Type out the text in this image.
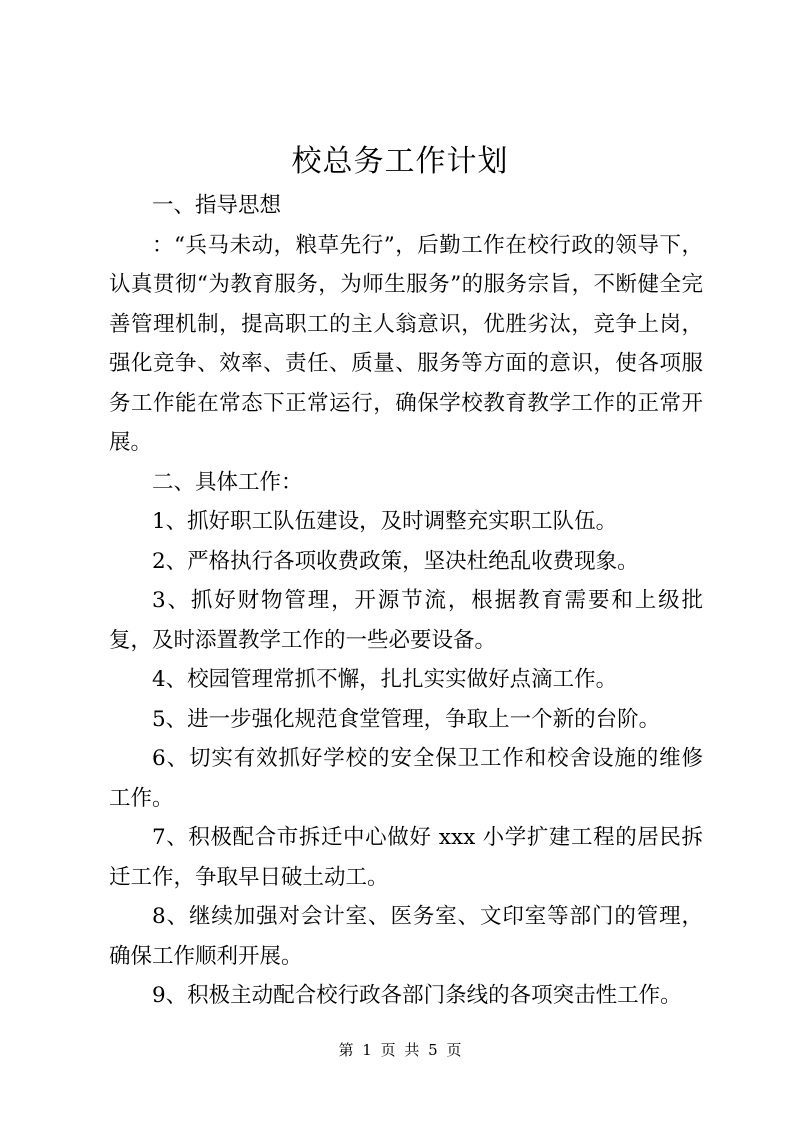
校总务工作计划

一、指导思想

：“兵马未动，粮草先行”，后勤工作在校行政的领导下，认真贯彻“为教育服务，为师生服务”的服务宗旨，不断健全完善管理机制，提高职工的主人翁意识，优胜劣汰，竞争上岗，强化竞争、效率、责任、质量、服务等方面的意识，使各项服务工作能在常态下正常运行，确保学校教育教学工作的正常开展。

二、具体工作：

1、抓好职工队伍建设，及时调整充实职工队伍。

2、严格执行各项收费政策，坚决杜绝乱收费现象。

3、抓好财物管理，开源节流，根据教育需要和上级批复，及时添置教学工作的一些必要设备。

4、校园管理常抓不懈，扎扎实实做好点滴工作。

5、进一步强化规范食堂管理，争取上一个新的台阶。

6、切实有效抓好学校的安全保卫工作和校舍设施的维修工作。

7、积极配合市拆迁中心做好 xxx 小学扩建工程的居民拆迁工作，争取早日破土动工。

8、继续加强对会计室、医务室、文印室等部门的管理，确保工作顺利开展。

9、积极主动配合校行政各部门条线的各项突击性工作。

第 1 页 共 5 页
